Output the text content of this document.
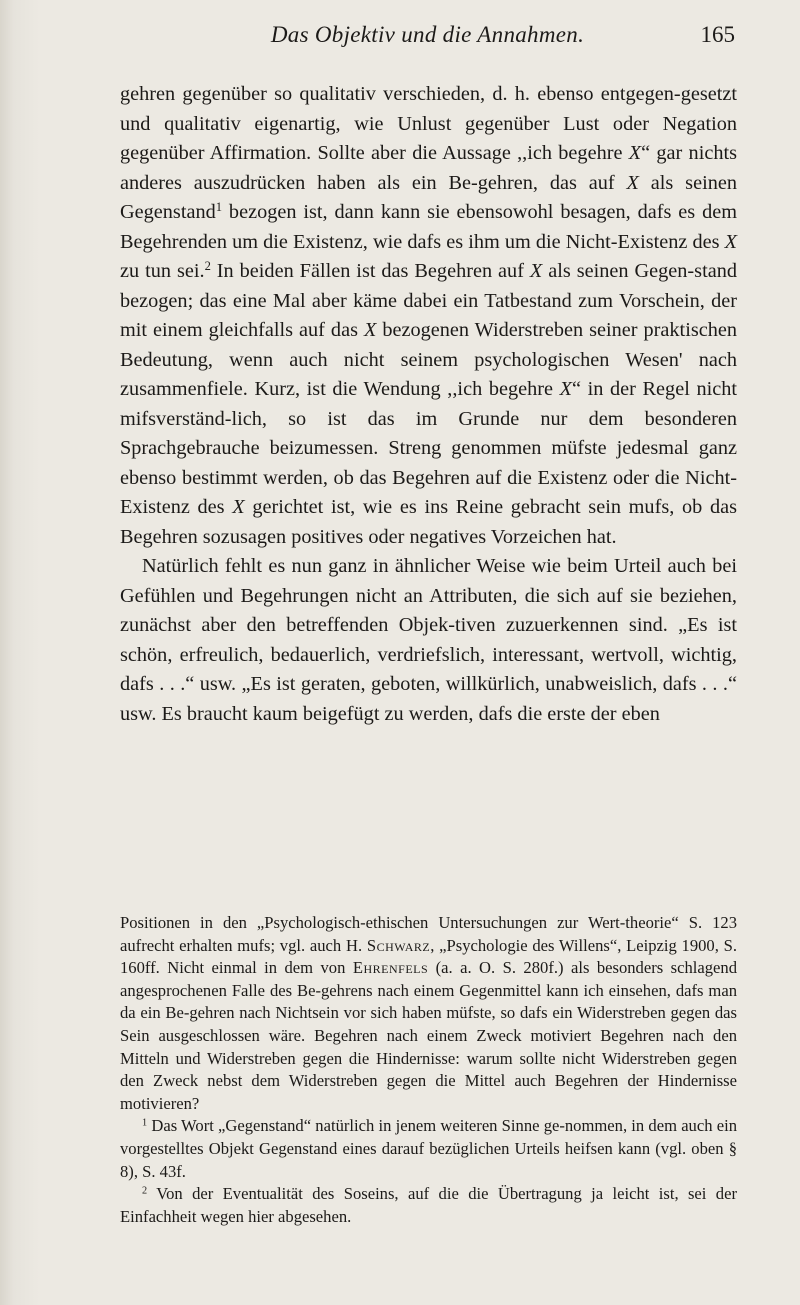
Das Objektiv und die Annahmen.	165

gehren gegenüber so qualitativ verschieden, d. h. ebenso entgegen-gesetzt und qualitativ eigenartig, wie Unlust gegenüber Lust oder Negation gegenüber Affirmation. Sollte aber die Aussage ,,ich begehre X“ gar nichts anderes auszudrücken haben als ein Be-gehren, das auf X als seinen Gegenstand$^1$ bezogen ist, dann kann sie ebensowohl besagen, dafs es dem Begehrenden um die Existenz, wie dafs es ihm um die Nicht-Existenz des X zu tun sei.$^2$ In beiden Fällen ist das Begehren auf X als seinen Gegen-stand bezogen; das eine Mal aber käme dabei ein Tatbestand zum Vorschein, der mit einem gleichfalls auf das X bezogenen Widerstreben seiner praktischen Bedeutung, wenn auch nicht seinem psychologischen Wesen' nach zusammenfiele. Kurz, ist die Wendung ,,ich begehre X“ in der Regel nicht mifsverständ-lich, so ist das im Grunde nur dem besonderen Sprachgebrauche beizumessen. Streng genommen müfste jedesmal ganz ebenso bestimmt werden, ob das Begehren auf die Existenz oder die Nicht-Existenz des X gerichtet ist, wie es ins Reine gebracht sein mufs, ob das Begehren sozusagen positives oder negatives Vorzeichen hat.

Natürlich fehlt es nun ganz in ähnlicher Weise wie beim Urteil auch bei Gefühlen und Begehrungen nicht an Attributen, die sich auf sie beziehen, zunächst aber den betreffenden Objek-tiven zuzuerkennen sind. „Es ist schön, erfreulich, bedauerlich, verdriefslich, interessant, wertvoll, wichtig, dafs . . .“ usw. „Es ist geraten, geboten, willkürlich, unabweislich, dafs . . .“ usw. Es braucht kaum beigefügt zu werden, dafs die erste der eben

Positionen in den „Psychologisch-ethischen Untersuchungen zur Wert-theorie“ S. 123 aufrecht erhalten mufs; vgl. auch H. Schwarz, „Psychologie des Willens“, Leipzig 1900, S. 160ff. Nicht einmal in dem von Ehrenfels (a. a. O. S. 280f.) als besonders schlagend angesprochenen Falle des Be-gehrens nach einem Gegenmittel kann ich einsehen, dafs man da ein Be-gehren nach Nichtsein vor sich haben müfste, so dafs ein Widerstreben gegen das Sein ausgeschlossen wäre. Begehren nach einem Zweck motiviert Begehren nach den Mitteln und Widerstreben gegen die Hindernisse: warum sollte nicht Widerstreben gegen den Zweck nebst dem Widerstreben gegen die Mittel auch Begehren der Hindernisse motivieren?

$^1$ Das Wort „Gegenstand“ natürlich in jenem weiteren Sinne ge-nommen, in dem auch ein vorgestelltes Objekt Gegenstand eines darauf bezüglichen Urteils heifsen kann (vgl. oben § 8), S. 43f.

$^2$ Von der Eventualität des Soseins, auf die die Übertragung ja leicht ist, sei der Einfachheit wegen hier abgesehen.
